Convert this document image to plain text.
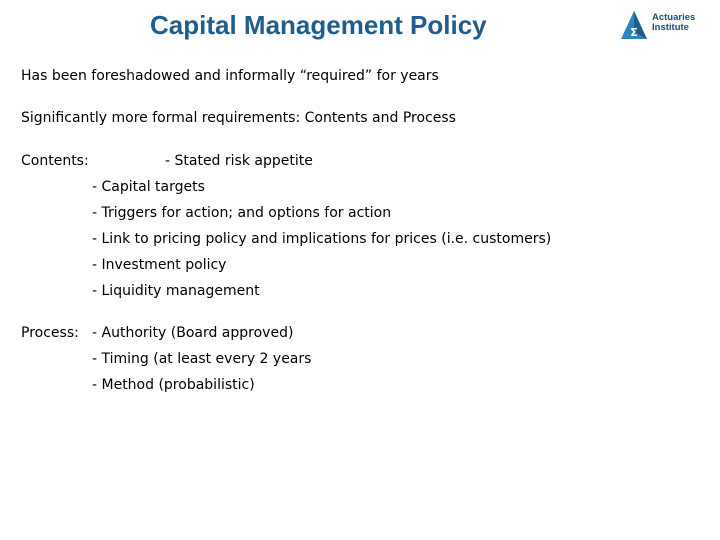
Capital Management Policy	Σ
Actuaries
Institute
Has been foreshadowed and informally “required” for years
Significantly more formal requirements: Contents and Process
Contents:	- Stated risk appetite
- Capital targets
- Triggers for action; and options for action
- Link to pricing policy and implications for prices (i.e. customers)
- Investment policy
- Liquidity management
Process: - Authority (Board approved)
- Timing (at least every 2 years
- Method (probabilistic)
